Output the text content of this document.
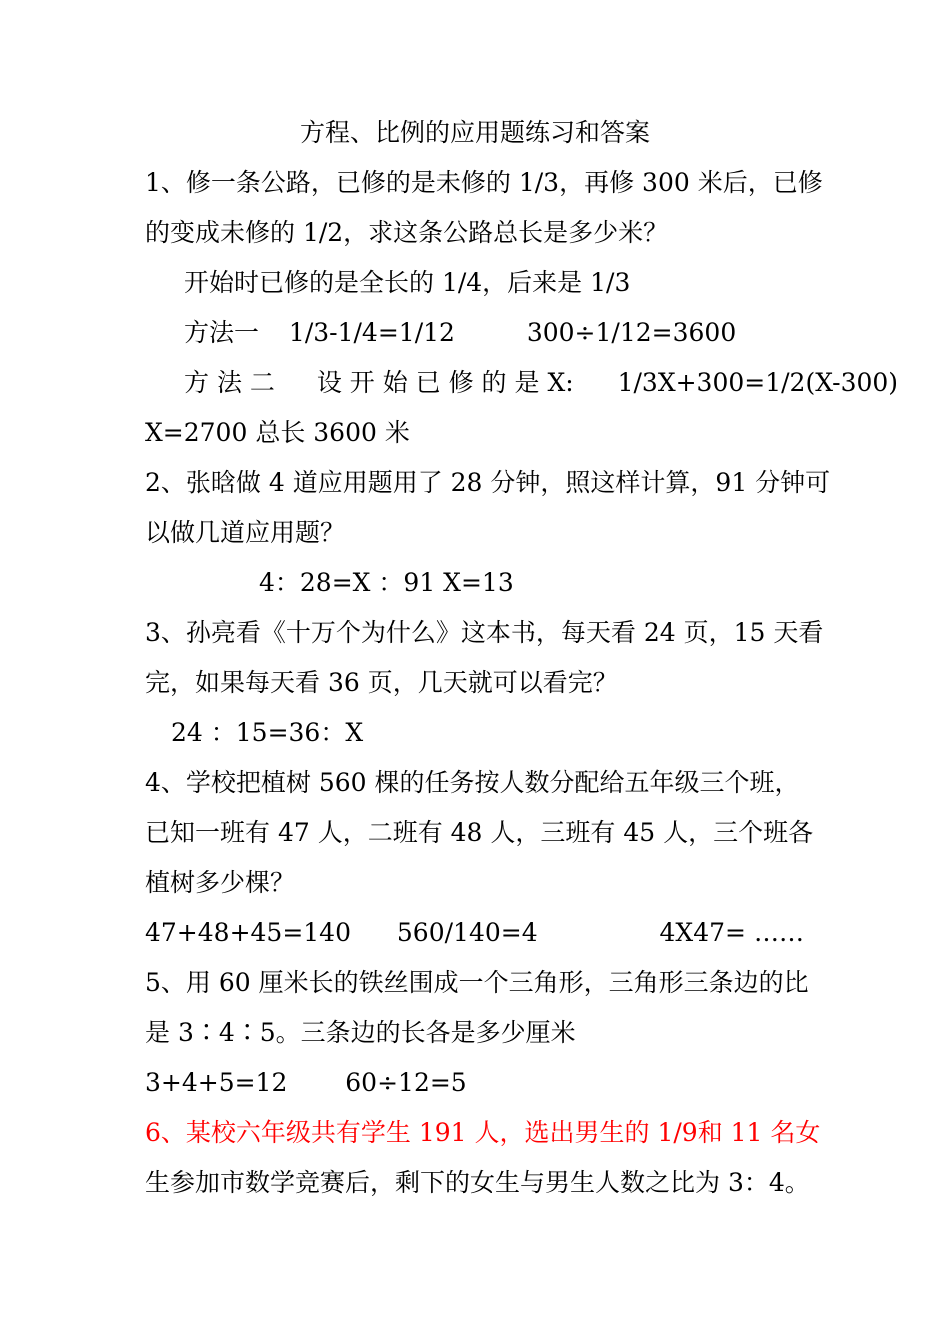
方程、比例的应用题练习和答案
1、修一条公路，已修的是未修的 1/3，再修 300 米后，已修
的变成未修的 1/2，求这条公路总长是多少米？
开始时已修的是全长的 1/4，后来是 1/3
方法一 1/3-1/4=1/12	300÷1/12=3600
方 法 二 设 开 始 已 修 的 是 X: 1/3X+300=1/2(X-300)
X=2700 总长 3600 米
2、张晗做 4 道应用题用了 28 分钟，照这样计算，91 分钟可
以做几道应用题？
4：28=X ：91 X=13
3、孙亮看《十万个为什么》这本书，每天看 24 页，15 天看
完，如果每天看 36 页，几天就可以看完？
24 ：15=36：X
4、学校把植树 560 棵的任务按人数分配给五年级三个班，
已知一班有 47 人，二班有 48 人，三班有 45 人，三个班各
植树多少棵？
47+48+45=140 560/140=4	4X47= ……
5、用 60 厘米长的铁丝围成一个三角形，三角形三条边的比
是 3∶4∶5。三条边的长各是多少厘米
3+4+5=12 60÷12=5
6、某校六年级共有学生 191 人，选出男生的 1/9和 11 名女
生参加市数学竞赛后，剩下的女生与男生人数之比为 3：4。
